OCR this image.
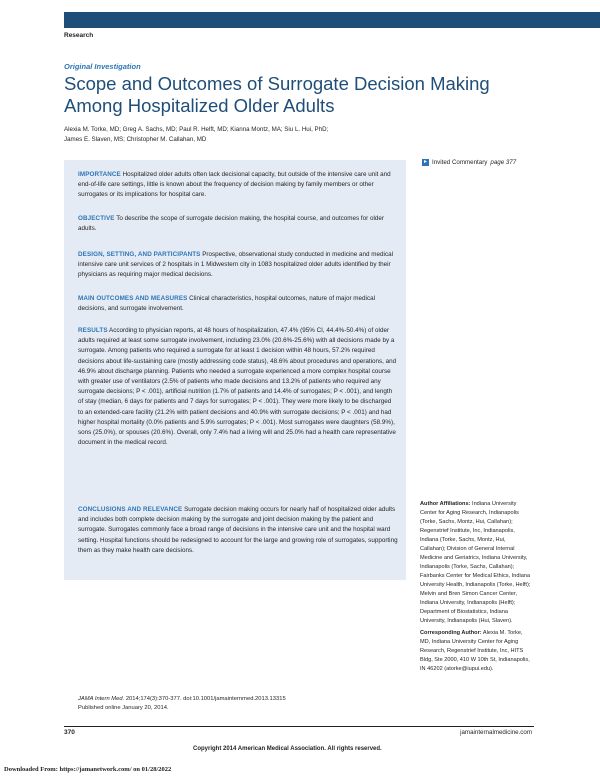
Research
Original Investigation
Scope and Outcomes of Surrogate Decision Making Among Hospitalized Older Adults
Alexia M. Torke, MD; Greg A. Sachs, MD; Paul R. Helft, MD; Kianna Montz, MA; Siu L. Hui, PhD;
James E. Slaven, MS; Christopher M. Callahan, MD
▸ Invited Commentary page 377

IMPORTANCE Hospitalized older adults often lack decisional capacity, but outside of the intensive care unit and end-of-life care settings, little is known about the frequency of decision making by family members or other surrogates or its implications for hospital care.

OBJECTIVE To describe the scope of surrogate decision making, the hospital course, and outcomes for older adults.

DESIGN, SETTING, AND PARTICIPANTS Prospective, observational study conducted in medicine and medical intensive care unit services of 2 hospitals in 1 Midwestern city in 1083 hospitalized older adults identified by their physicians as requiring major medical decisions.

MAIN OUTCOMES AND MEASURES Clinical characteristics, hospital outcomes, nature of major medical decisions, and surrogate involvement.

RESULTS According to physician reports, at 48 hours of hospitalization, 47.4% (95% CI, 44.4%-50.4%) of older adults required at least some surrogate involvement, including 23.0% (20.6%-25.6%) with all decisions made by a surrogate. Among patients who required a surrogate for at least 1 decision within 48 hours, 57.2% required decisions about life-sustaining care (mostly addressing code status), 48.6% about procedures and operations, and 46.9% about discharge planning. Patients who needed a surrogate experienced a more complex hospital course with greater use of ventilators (2.5% of patients who made decisions and 13.2% of patients who required any surrogate decisions; P < .001), artificial nutrition (1.7% of patients and 14.4% of surrogates; P < .001), and length of stay (median, 6 days for patients and 7 days for surrogates; P < .001). They were more likely to be discharged to an extended-care facility (21.2% with patient decisions and 40.9% with surrogate decisions; P < .001) and had higher hospital mortality (0.0% patients and 5.9% surrogates; P < .001). Most surrogates were daughters (58.9%), sons (25.0%), or spouses (20.6%). Overall, only 7.4% had a living will and 25.0% had a health care representative document in the medical record.

CONCLUSIONS AND RELEVANCE Surrogate decision making occurs for nearly half of hospitalized older adults and includes both complete decision making by the surrogate and joint decision making by the patient and surrogate. Surrogates commonly face a broad range of decisions in the intensive care unit and the hospital ward setting. Hospital functions should be redesigned to account for the large and growing role of surrogates, supporting them as they make health care decisions.

JAMA Intern Med. 2014;174(3):370-377. doi:10.1001/jamainternmed.2013.13315
Published online January 20, 2014.

Author Affiliations: Indiana University Center for Aging Research, Indianapolis (Torke, Sachs, Montz, Hui, Callahan); Regenstrief Institute, Inc, Indianapolis, Indiana (Torke, Sachs, Montz, Hui, Callahan); Division of General Internal Medicine and Geriatrics, Indiana University, Indianapolis (Torke, Sachs, Callahan); Fairbanks Center for Medical Ethics, Indiana University Health, Indianapolis (Torke, Helft); Melvin and Bren Simon Cancer Center, Indiana University, Indianapolis (Helft); Department of Biostatistics, Indiana University, Indianapolis (Hui, Slaven).

Corresponding Author: Alexia M. Torke, MD, Indiana University Center for Aging Research, Regenstrief Institute, Inc, HITS Bldg, Ste 2000, 410 W 10th St, Indianapolis, IN 46202 (atorke@iupui.edu).

370	jamainternalmedicine.com
Copyright 2014 American Medical Association. All rights reserved.
Downloaded From: https://jamanetwork.com/ on 01/28/2022
